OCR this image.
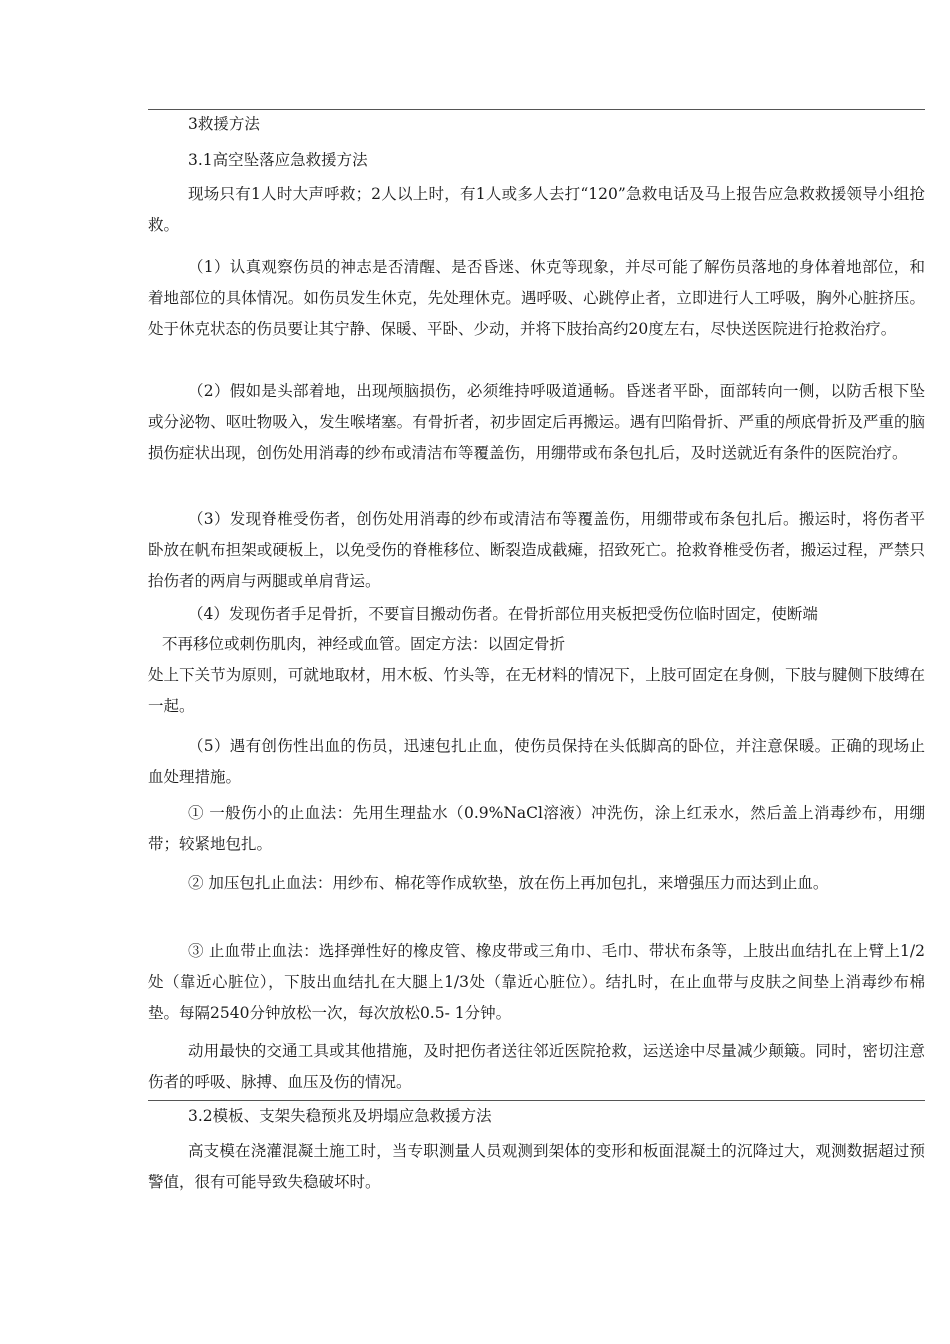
3救援方法

3.1高空坠落应急救援方法

现场只有1人时大声呼救；2人以上时，有1人或多人去打“120”急救电话及马上报告应急救救援领导小组抢救。

（1）认真观察伤员的神志是否清醒、是否昏迷、休克等现象，并尽可能了解伤员落地的身体着地部位，和着地部位的具体情况。如伤员发生休克，先处理休克。遇呼吸、心跳停止者，立即进行人工呼吸，胸外心脏挤压。处于休克状态的伤员要让其宁静、保暖、平卧、少动，并将下肢抬高约20度左右，尽快送医院进行抢救治疗。

（2）假如是头部着地，出现颅脑损伤，必须维持呼吸道通畅。昏迷者平卧，面部转向一侧，以防舌根下坠或分泌物、呕吐物吸入，发生喉堵塞。有骨折者，初步固定后再搬运。遇有凹陷骨折、严重的颅底骨折及严重的脑损伤症状出现，创伤处用消毒的纱布或清洁布等覆盖伤，用绷带或布条包扎后，及时送就近有条件的医院治疗。

（3）发现脊椎受伤者，创伤处用消毒的纱布或清洁布等覆盖伤，用绷带或布条包扎后。搬运时，将伤者平卧放在帆布担架或硬板上，以免受伤的脊椎移位、断裂造成截瘫，招致死亡。抢救脊椎受伤者，搬运过程，严禁只抬伤者的两肩与两腿或单肩背运。

（4）发现伤者手足骨折，不要盲目搬动伤者。在骨折部位用夹板把受伤位临时固定，使断端

不再移位或刺伤肌肉，神经或血管。固定方法：以固定骨折

处上下关节为原则，可就地取材，用木板、竹头等，在无材料的情况下，上肢可固定在身侧，下肢与腱侧下肢缚在一起。

（5）遇有创伤性出血的伤员，迅速包扎止血，使伤员保持在头低脚高的卧位，并注意保暖。正确的现场止血处理措施。

① 一般伤小的止血法：先用生理盐水（0.9%NaCl溶液）冲洗伤，涂上红汞水，然后盖上消毒纱布，用绷带；较紧地包扎。

② 加压包扎止血法：用纱布、棉花等作成软垫，放在伤上再加包扎，来增强压力而达到止血。

③ 止血带止血法：选择弹性好的橡皮管、橡皮带或三角巾、毛巾、带状布条等，上肢出血结扎在上臂上1/2处（靠近心脏位），下肢出血结扎在大腿上1/3处（靠近心脏位）。结扎时，在止血带与皮肤之间垫上消毒纱布棉垫。每隔2540分钟放松一次，每次放松0.5- 1分钟。

动用最快的交通工具或其他措施，及时把伤者送往邻近医院抢救，运送途中尽量减少颠簸。同时，密切注意伤者的呼吸、脉搏、血压及伤的情况。

3.2模板、支架失稳预兆及坍塌应急救援方法

高支模在浇灌混凝土施工时，当专职测量人员观测到架体的变形和板面混凝土的沉降过大，观测数据超过预警值，很有可能导致失稳破坏时。
